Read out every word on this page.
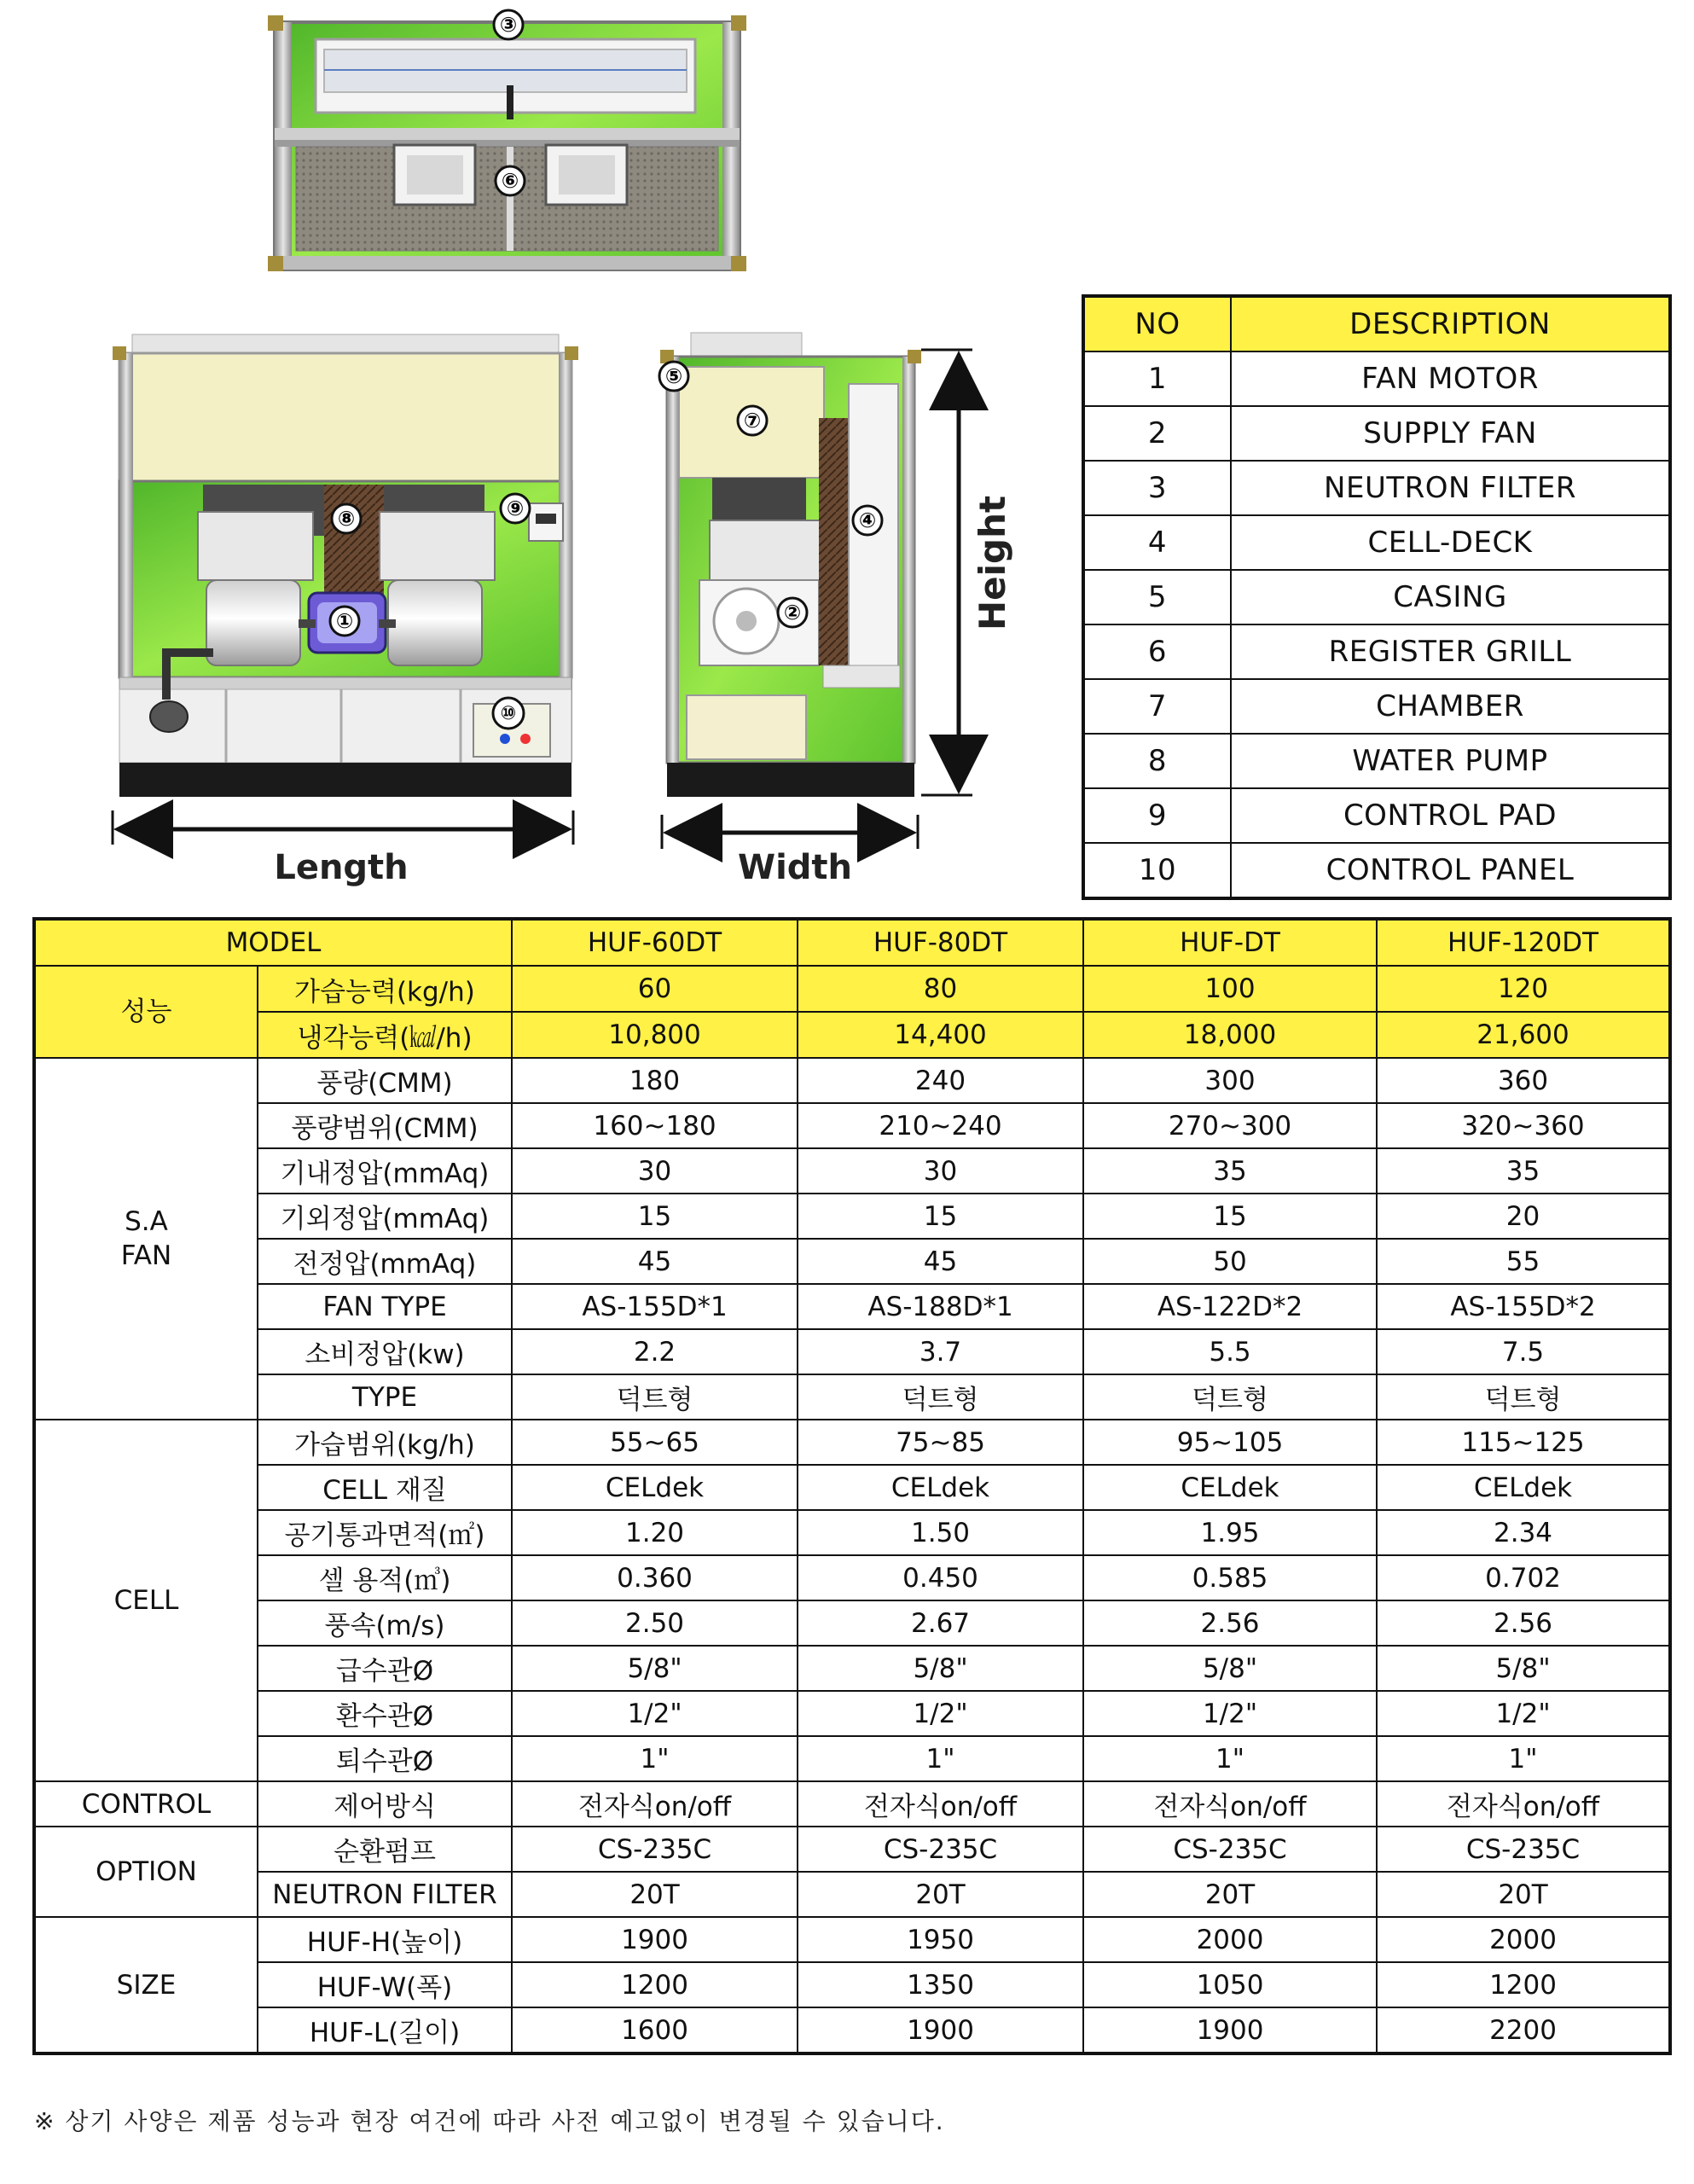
③
⑥
⑧	⑨
①
⑩
Length
⑤
⑦
④
②
Width
Height
NO	DESCRIPTION
1	FAN MOTOR
2	SUPPLY FAN
3	NEUTRON FILTER
4	CELL-DECK
5	CASING
6	REGISTER GRILL
7	CHAMBER
8	WATER PUMP
9	CONTROL PAD
10	CONTROL PANEL
MODEL		HUF-60DT	HUF-80DT	HUF-DT	HUF-120DT
성능	가습능력(kg/h)	60	80	100	120
	냉각능력(㎉/h)	10,800	14,400	18,000	21,600
S.A
FAN	풍량(CMM)	180	240	300	360
	풍량범위(CMM)	160~180	210~240	270~300	320~360
	기내정압(mmAq)	30	30	35	35
	기외정압(mmAq)	15	15	15	20
	전정압(mmAq)	45	45	50	55
	FAN TYPE	AS-155D*1	AS-188D*1	AS-122D*2	AS-155D*2
	소비정압(kw)	2.2	3.7	5.5	7.5
	TYPE	덕트형	덕트형	덕트형	덕트형
CELL	가습범위(kg/h)	55~65	75~85	95~105	115~125
	CELL 재질	CELdek	CELdek	CELdek	CELdek
	공기통과면적(㎡)	1.20	1.50	1.95	2.34
	셀 용적(㎥)	0.360	0.450	0.585	0.702
	풍속(m/s)	2.50	2.67	2.56	2.56
	급수관Ø	5/8"	5/8"	5/8"	5/8"
	환수관Ø	1/2"	1/2"	1/2"	1/2"
	퇴수관Ø	1"	1"	1"	1"
CONTROL	제어방식	전자식on/off	전자식on/off	전자식on/off	전자식on/off
OPTION	순환펌프	CS-235C	CS-235C	CS-235C	CS-235C
	NEUTRON FILTER	20T	20T	20T	20T
SIZE	HUF-H(높이)	1900	1950	2000	2000
	HUF-W(폭)	1200	1350	1050	1200
	HUF-L(길이)	1600	1900	1900	2200
※ 상기 사양은 제품 성능과 현장 여건에 따라 사전 예고없이 변경될 수 있습니다.
